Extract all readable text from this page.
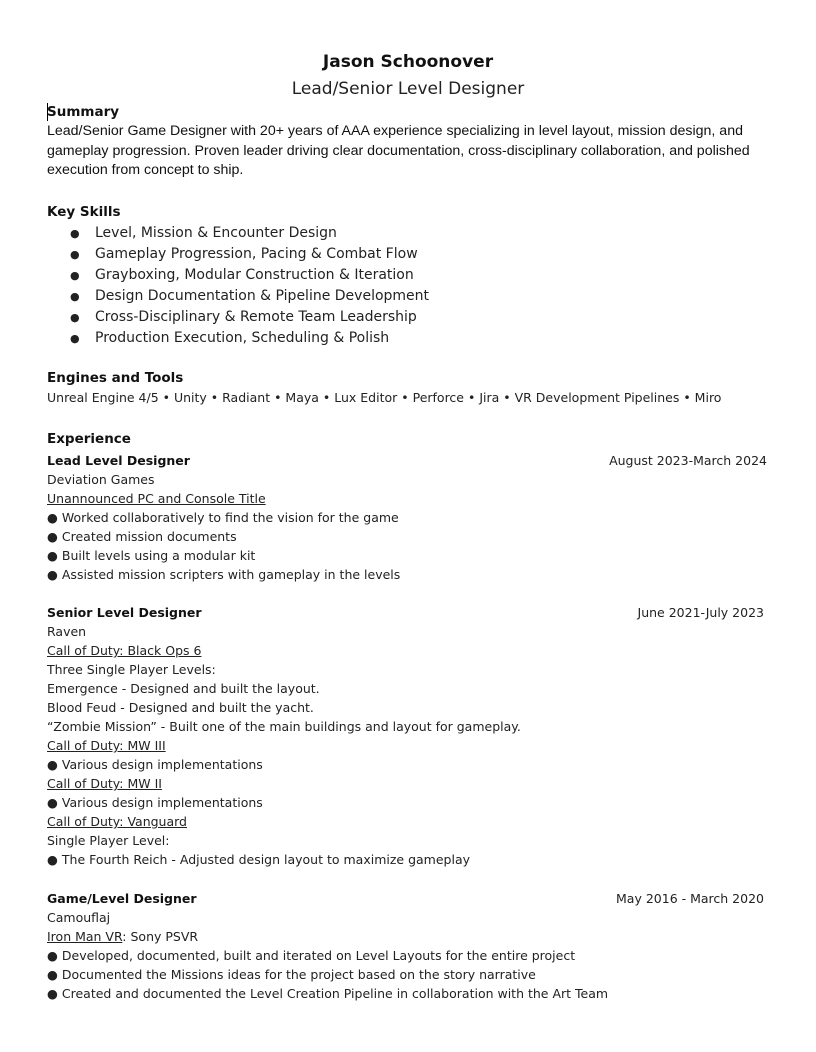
Jason Schoonover
Lead/Senior Level Designer
Summary
Lead/Senior Game Designer with 20+ years of AAA experience specializing in level layout, mission design, and gameplay progression. Proven leader driving clear documentation, cross-disciplinary collaboration, and polished execution from concept to ship.
Key Skills
● Level, Mission & Encounter Design
● Gameplay Progression, Pacing & Combat Flow
● Grayboxing, Modular Construction & Iteration
● Design Documentation & Pipeline Development
● Cross-Disciplinary & Remote Team Leadership
● Production Execution, Scheduling & Polish
Engines and Tools
Unreal Engine 4/5 • Unity • Radiant • Maya • Lux Editor • Perforce • Jira • VR Development Pipelines • Miro
Experience
Lead Level Designer	August 2023-March 2024
Deviation Games
Unannounced PC and Console Title
● Worked collaboratively to find the vision for the game
● Created mission documents
● Built levels using a modular kit
● Assisted mission scripters with gameplay in the levels
Senior Level Designer	June 2021-July 2023
Raven
Call of Duty: Black Ops 6
Three Single Player Levels:
Emergence - Designed and built the layout.
Blood Feud - Designed and built the yacht.
“Zombie Mission” - Built one of the main buildings and layout for gameplay.
Call of Duty: MW III
● Various design implementations
Call of Duty: MW II
● Various design implementations
Call of Duty: Vanguard
Single Player Level:
● The Fourth Reich - Adjusted design layout to maximize gameplay
Game/Level Designer	May 2016 - March 2020
Camouflaj
Iron Man VR: Sony PSVR
● Developed, documented, built and iterated on Level Layouts for the entire project
● Documented the Missions ideas for the project based on the story narrative
● Created and documented the Level Creation Pipeline in collaboration with the Art Team
